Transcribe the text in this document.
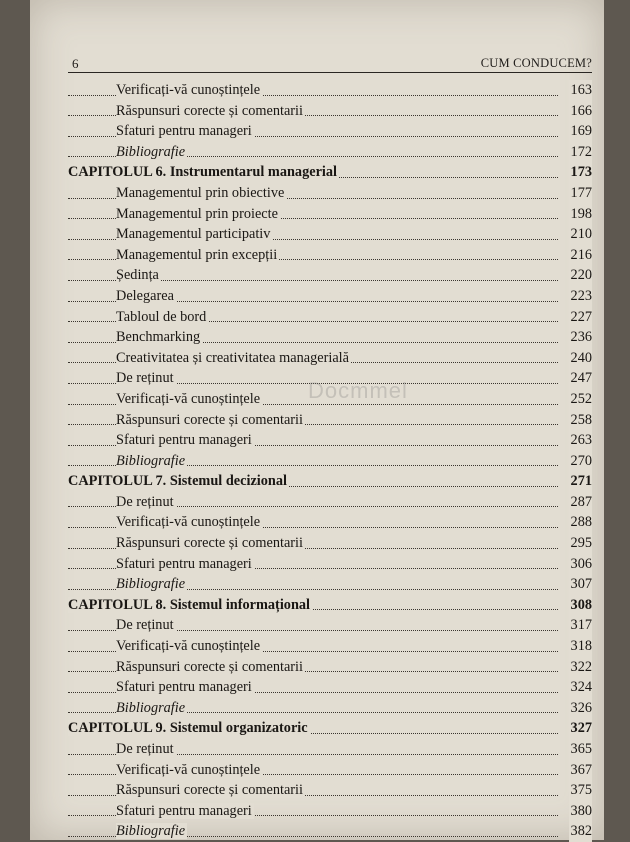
6	CUM CONDUCEM?
Verificați-vă cunoștințele	163
Răspunsuri corecte și comentarii	166
Sfaturi pentru manageri	169
Bibliografie	172
CAPITOLUL 6. Instrumentarul managerial	173
Managementul prin obiective	177
Managementul prin proiecte	198
Managementul participativ	210
Managementul prin excepții	216
Ședința	220
Delegarea	223
Tabloul de bord	227
Benchmarking	236
Creativitatea și creativitatea managerială	240
De reținut	247
Verificați-vă cunoștințele	252
Răspunsuri corecte și comentarii	258
Sfaturi pentru manageri	263
Bibliografie	270
CAPITOLUL 7. Sistemul decizional	271
De reținut	287
Verificați-vă cunoștințele	288
Răspunsuri corecte și comentarii	295
Sfaturi pentru manageri	306
Bibliografie	307
CAPITOLUL 8. Sistemul informațional	308
De reținut	317
Verificați-vă cunoștințele	318
Răspunsuri corecte și comentarii	322
Sfaturi pentru manageri	324
Bibliografie	326
CAPITOLUL 9. Sistemul organizatoric	327
De reținut	365
Verificați-vă cunoștințele	367
Răspunsuri corecte și comentarii	375
Sfaturi pentru manageri	380
Bibliografie	382
Docmmel
